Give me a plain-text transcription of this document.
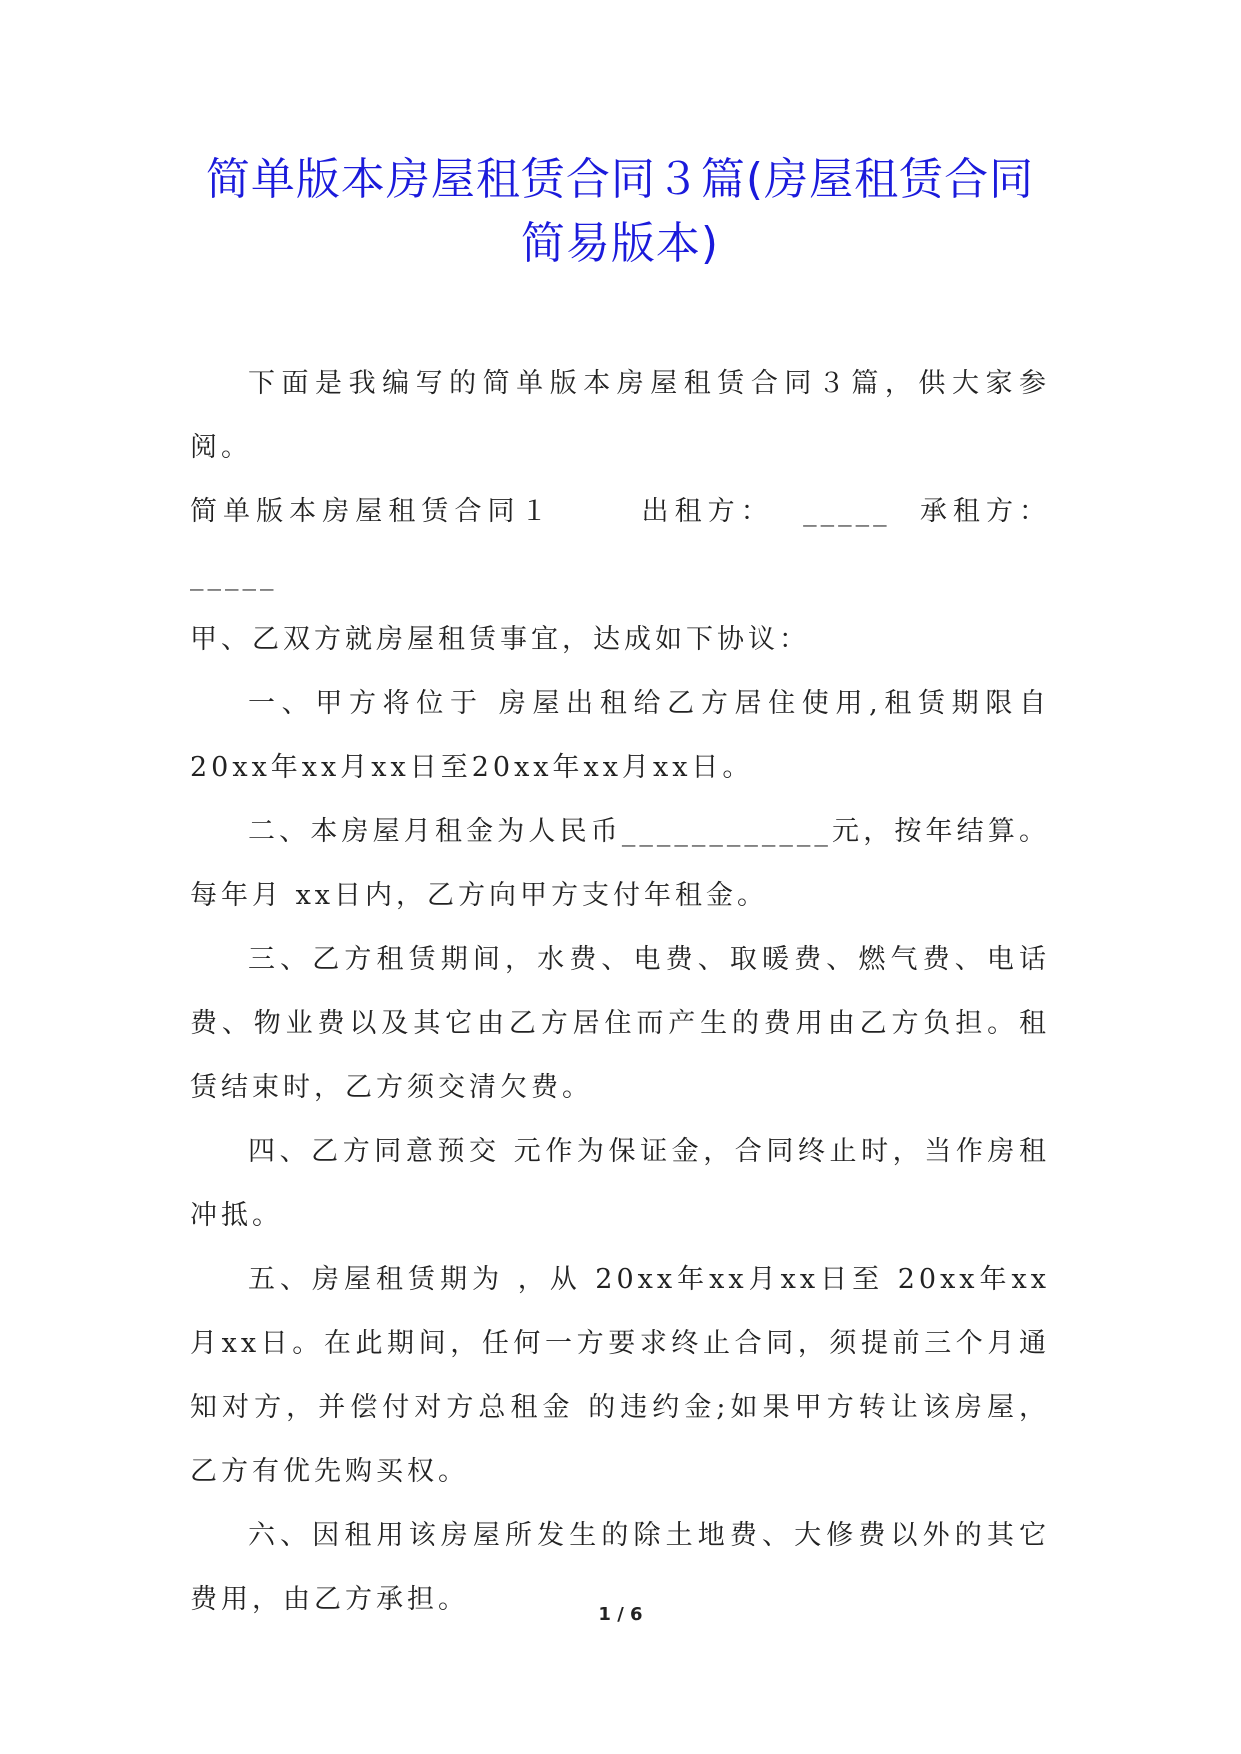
简单版本房屋租赁合同３篇(房屋租赁合同简易版本)

下面是我编写的简单版本房屋租赁合同３篇，供大家参阅。

简单版本房屋租赁合同１	出租方： _____ 承租方：_____

甲、乙双方就房屋租赁事宜，达成如下协议：

一、甲方将位于 房屋出租给乙方居住使用,租赁期限自20xx年xx月xx日至20xx年xx月xx日。

二、本房屋月租金为人民币____________元，按年结算。每年月 xx日内，乙方向甲方支付年租金。

三、乙方租赁期间，水费、电费、取暖费、燃气费、电话费、物业费以及其它由乙方居住而产生的费用由乙方负担。租赁结束时，乙方须交清欠费。

四、乙方同意预交 元作为保证金，合同终止时，当作房租冲抵。

五、房屋租赁期为 ，从 20xx年xx月xx日至 20xx年xx月xx日。在此期间，任何一方要求终止合同，须提前三个月通知对方，并偿付对方总租金 的违约金;如果甲方转让该房屋，乙方有优先购买权。

六、因租用该房屋所发生的除土地费、大修费以外的其它费用，由乙方承担。	1 / 6
